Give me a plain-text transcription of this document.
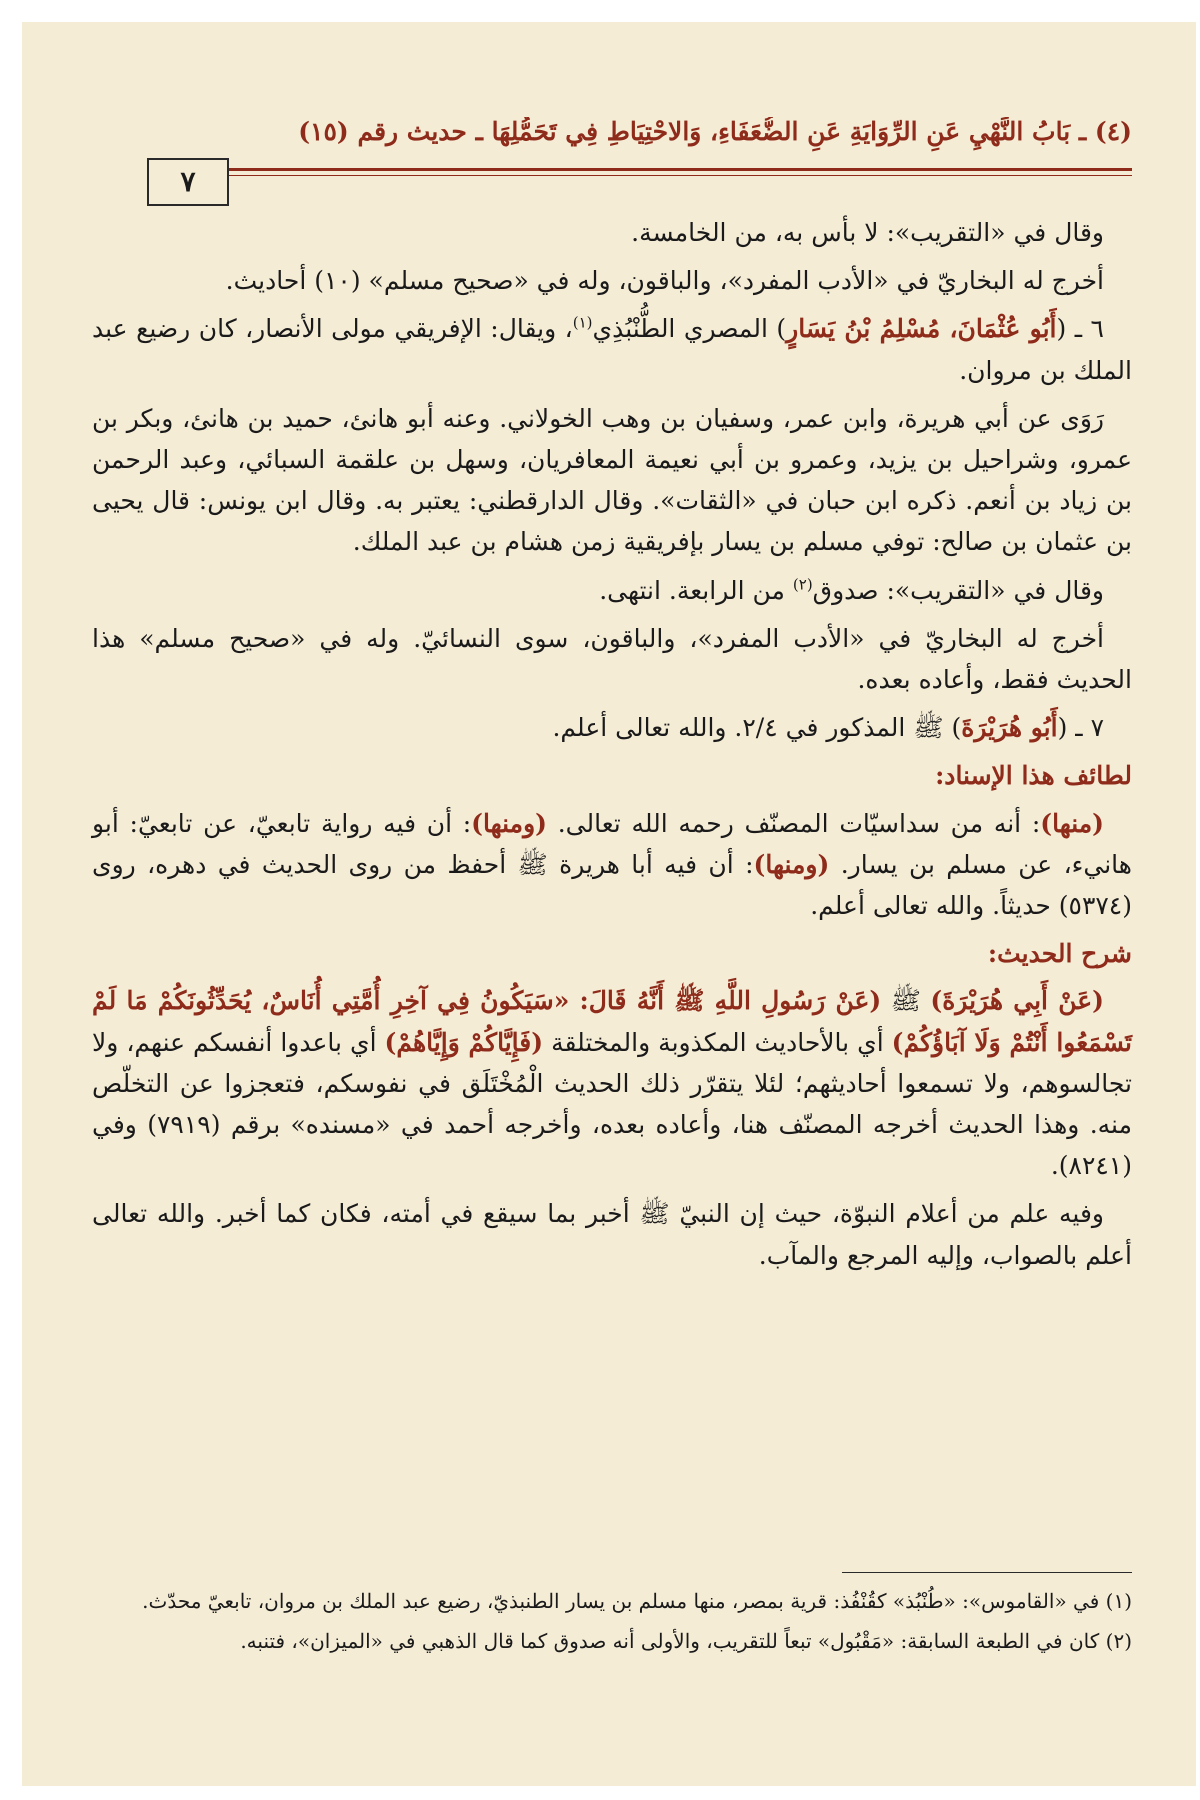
(٤) ـ بَابُ النَّهْيِ عَنِ الرِّوَايَةِ عَنِ الضُّعَفَاءِ، وَالاحْتِيَاطِ فِي تَحَمُّلِهَا ـ حديث رقم (١٥)
٧

وقال في «التقريب»: لا بأس به، من الخامسة.

أخرج له البخاريّ في «الأدب المفرد»، والباقون، وله في «صحيح مسلم» (١٠) أحاديث.

٦ ـ (أَبُو عُثْمَانَ، مُسْلِمُ بْنُ يَسَارٍ) المصري الطُّنْبُذِي$^{(١)}$، ويقال: الإفريقي مولى الأنصار، كان رضيع عبد الملك بن مروان.

رَوَى عن أبي هريرة، وابن عمر، وسفيان بن وهب الخولاني. وعنه أبو هانئ، حميد بن هانئ، وبكر بن عمرو، وشراحيل بن يزيد، وعمرو بن أبي نعيمة المعافريان، وسهل بن علقمة السبائي، وعبد الرحمن بن زياد بن أنعم. ذكره ابن حبان في «الثقات». وقال الدارقطني: يعتبر به. وقال ابن يونس: قال يحيى بن عثمان بن صالح: توفي مسلم بن يسار بإفريقية زمن هشام بن عبد الملك.

وقال في «التقريب»: صدوق$^{(٢)}$ من الرابعة. انتهى.

أخرج له البخاريّ في «الأدب المفرد»، والباقون، سوى النسائيّ. وله في «صحيح مسلم» هذا الحديث فقط، وأعاده بعده.

٧ ـ (أَبُو هُرَيْرَةَ) ﷺ المذكور في ٢/٤. والله تعالى أعلم.

لطائف هذا الإسناد:

(منها): أنه من سداسيّات المصنّف رحمه الله تعالى. (ومنها): أن فيه رواية تابعيّ، عن تابعيّ: أبو هانيء، عن مسلم بن يسار. (ومنها): أن فيه أبا هريرة ﷺ أحفظ من روى الحديث في دهره، روى (٥٣٧٤) حديثاً. والله تعالى أعلم.

شرح الحديث:

(عَنْ أَبِي هُرَيْرَةَ) ﷺ (عَنْ رَسُولِ اللَّهِ ﷺ أَنَّهُ قَالَ: «سَيَكُونُ فِي آخِرِ أُمَّتِي أُنَاسٌ، يُحَدِّثُونَكُمْ مَا لَمْ تَسْمَعُوا أَنْتُمْ وَلَا آبَاؤُكُمْ) أي بالأحاديث المكذوبة والمختلقة (فَإِيَّاكُمْ وَإِيَّاهُمْ) أي باعدوا أنفسكم عنهم، ولا تجالسوهم، ولا تسمعوا أحاديثهم؛ لئلا يتقرّر ذلك الحديث الْمُخْتَلَق في نفوسكم، فتعجزوا عن التخلّص منه. وهذا الحديث أخرجه المصنّف هنا، وأعاده بعده، وأخرجه أحمد في «مسنده» برقم (٧٩١٩) وفي (٨٢٤١).

وفيه علم من أعلام النبوّة، حيث إن النبيّ ﷺ أخبر بما سيقع في أمته، فكان كما أخبر. والله تعالى أعلم بالصواب، وإليه المرجع والمآب.

(١) في «القاموس»: «طُنْبُذ» كقُنْفُذ: قرية بمصر، منها مسلم بن يسار الطنبذيّ، رضيع عبد الملك بن مروان، تابعيّ محدّث.

(٢) كان في الطبعة السابقة: «مَقْبُول» تبعاً للتقريب، والأولى أنه صدوق كما قال الذهبي في «الميزان»، فتنبه.
